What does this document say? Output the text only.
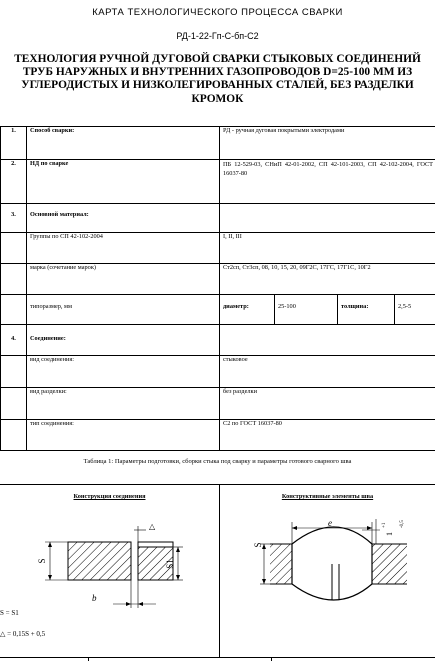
КАРТА ТЕХНОЛОГИЧЕСКОГО ПРОЦЕССА СВАРКИ
РД-1-22-Гп-С-бп-С2
ТЕХНОЛОГИЯ РУЧНОЙ ДУГОВОЙ СВАРКИ СТЫКОВЫХ СОЕДИНЕНИЙ ТРУБ НАРУЖНЫХ И ВНУТРЕННИХ ГАЗОПРОВОДОВ D=25-100 ММ ИЗ УГЛЕРОДИСТЫХ И НИЗКОЛЕГИРОВАННЫХ СТАЛЕЙ, БЕЗ РАЗДЕЛКИ КРОМОК
1.	Способ сварки:	РД - ручная дуговая покрытыми электродами			
2.	НД по сварке	ПБ 12-529-03, СНиП 42-01-2002, СП 42-101-2003, СП 42-102-2004, ГОСТ 16037-80			
3.	Основной материал:				
	Группы по СП 42-102-2004	I, II, III			
	марка (сочетание марок)	Ст2сп, Ст3сп, 08, 10, 15, 20, 09Г2С, 17ГС, 17Г1С, 10Г2			
	типоразмер, мм	диаметр:	25-100	толщина:	2,5-5
4.	Соединение:				
	вид соединения:	стыковое			
	вид разделки:	без разделки			
	тип соединения:	С2 по ГОСТ 16037-80			
Таблица 1: Параметры подготовки, сборки стыка под сварку и параметры готового сварного шва
Конструкция соединения	Конструктивные элементы шва
S	S1
△
b
S
e
1
+1	-0,5
S = S1
△ = 0,15S + 0,5
